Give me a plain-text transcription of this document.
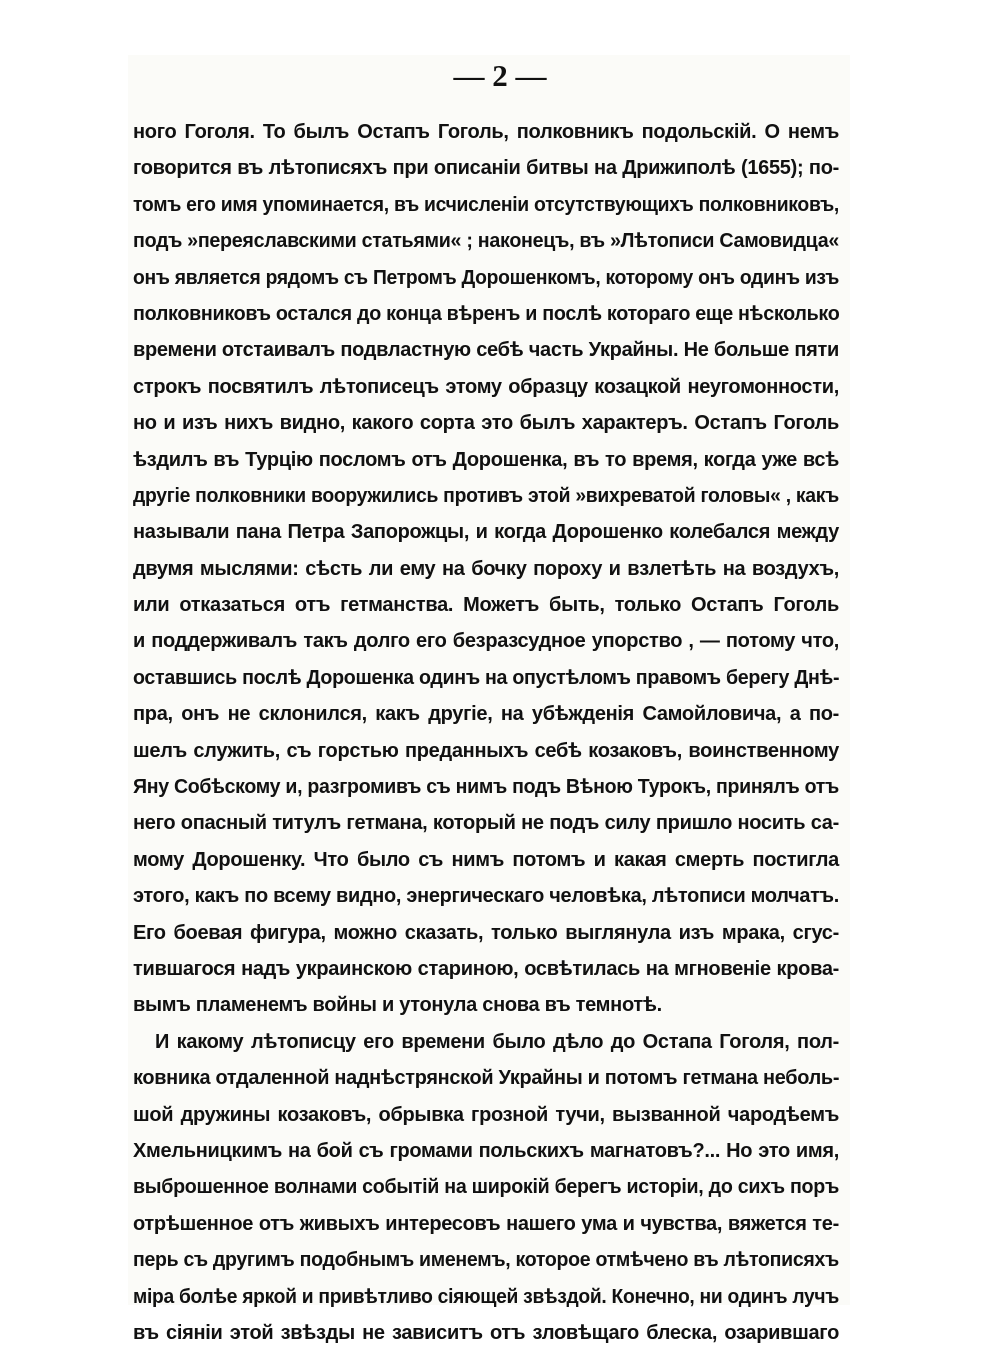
— 2 —
ного Гоголя. То былъ Остапъ Гоголь, полковникъ подольскій. О немъ
говорится въ лѣтописяхъ при описаніи битвы на Дрижиполѣ (1655); по-
томъ его имя упоминается, въ исчисленіи отсутствующихъ полковниковъ,
подъ »переяславскими статьями« ; наконецъ, въ »Лѣтописи Самовидца«
онъ является рядомъ съ Петромъ Дорошенкомъ, которому онъ одинъ изъ
полковниковъ остался до конца вѣренъ и послѣ котораго еще нѣсколько
времени отстаивалъ подвластную себѣ часть Украйны. Не больше пяти
строкъ посвятилъ лѣтописецъ этому образцу козацкой неугомонности,
но и изъ нихъ видно, какого сорта это былъ характеръ. Остапъ Гоголь
ѣздилъ въ Турцію посломъ отъ Дорошенка, въ то время, когда уже всѣ
другіе полковники вооружились противъ этой »вихреватой головы« , какъ
называли пана Петра Запорожцы, и когда Дорошенко колебался между
двумя мыслями: сѣсть ли ему на бочку пороху и взлетѣть на воздухъ,
или отказаться отъ гетманства. Можетъ быть, только Остапъ Гоголь
и поддерживалъ такъ долго его безразсудное упорство , — потому что,
оставшись послѣ Дорошенка одинъ на опустѣломъ правомъ берегу Днѣ-
пра, онъ не склонился, какъ другіе, на убѣжденія Самойловича, а по-
шелъ служить, съ горстью преданныхъ себѣ козаковъ, воинственному
Яну Собѣскому и, разгромивъ съ нимъ подъ Вѣною Турокъ, принялъ отъ
него опасный титулъ гетмана, который не подъ силу пришло носить са-
мому Дорошенку. Что было съ нимъ потомъ и какая смерть постигла
этого, какъ по всему видно, энергическаго человѣка, лѣтописи молчатъ.
Его боевая фигура, можно сказать, только выглянула изъ мрака, сгус-
тившагося надъ украинскою стариною, освѣтилась на мгновеніе крова-
вымъ пламенемъ войны и утонула снова въ темнотѣ.
И какому лѣтописцу его времени было дѣло до Остапа Гоголя, пол-
ковника отдаленной наднѣстрянской Украйны и потомъ гетмана неболь-
шой дружины козаковъ, обрывка грозной тучи, вызванной чародѣемъ
Хмельницкимъ на бой съ громами польскихъ магнатовъ?... Но это имя,
выброшенное волнами событій на широкій берегъ исторіи, до сихъ поръ
отрѣшенное отъ живыхъ интересовъ нашего ума и чувства, вяжется те-
перь съ другимъ подобнымъ именемъ, которое отмѣчено въ лѣтописяхъ
міра болѣе яркой и привѣтливо сіяющей звѣздой. Конечно, ни одинъ лучъ
въ сіяніи этой звѣзды не зависитъ отъ зловѣщаго блеска, озарившаго
